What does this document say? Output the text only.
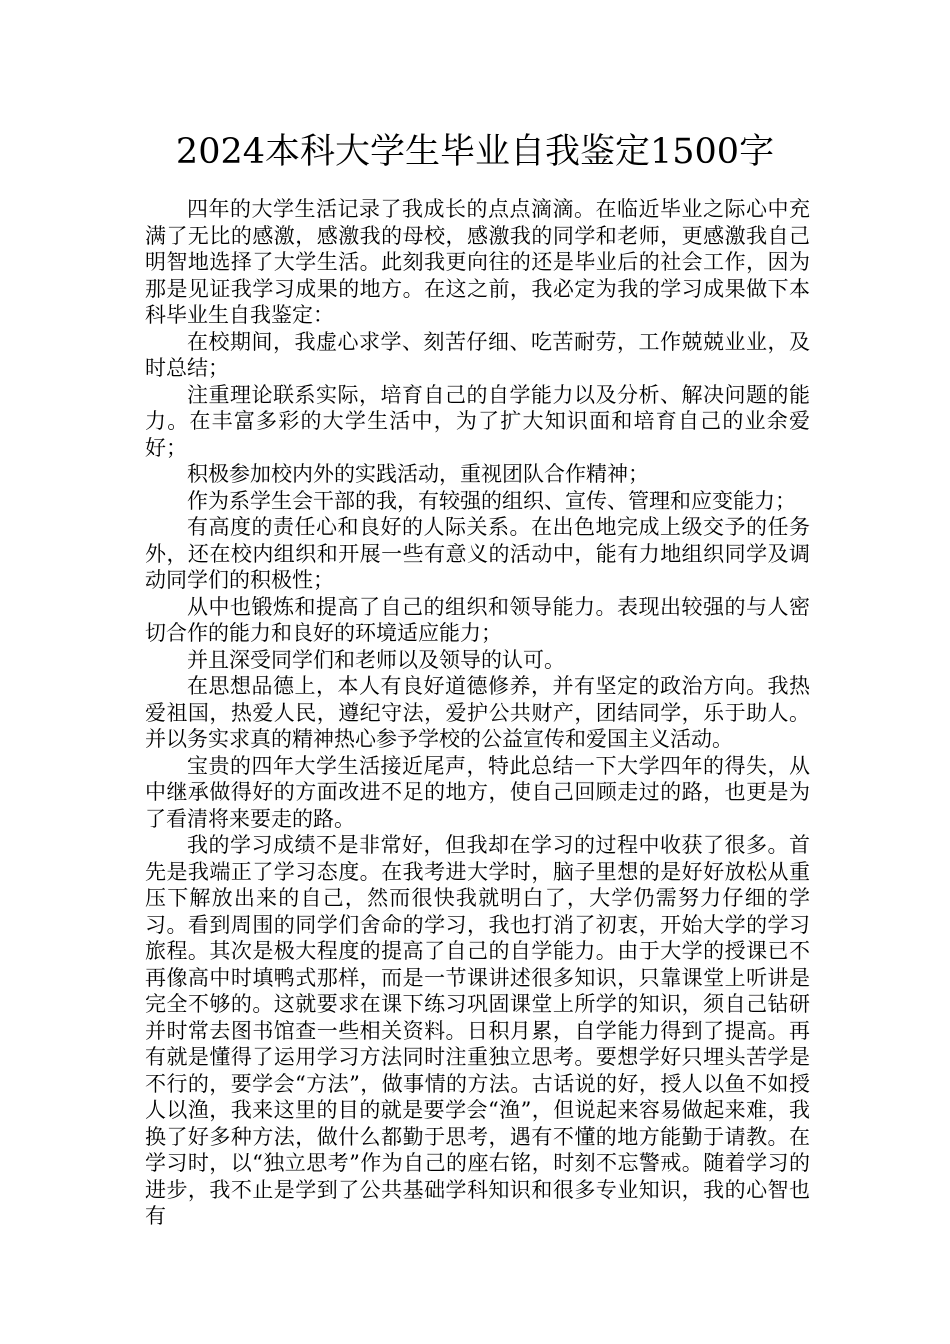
2024本科大学生毕业自我鉴定1500字

四年的大学生活记录了我成长的点点滴滴。在临近毕业之际心中充满了无比的感激，感激我的母校，感激我的同学和老师，更感激我自己明智地选择了大学生活。此刻我更向往的还是毕业后的社会工作，因为那是见证我学习成果的地方。在这之前，我必定为我的学习成果做下本科毕业生自我鉴定：

在校期间，我虚心求学、刻苦仔细、吃苦耐劳，工作兢兢业业，及时总结；

注重理论联系实际，培育自己的自学能力以及分析、解决问题的能力。在丰富多彩的大学生活中，为了扩大知识面和培育自己的业余爱好；

积极参加校内外的实践活动，重视团队合作精神；

作为系学生会干部的我，有较强的组织、宣传、管理和应变能力；

有高度的责任心和良好的人际关系。在出色地完成上级交予的任务外，还在校内组织和开展一些有意义的活动中，能有力地组织同学及调动同学们的积极性；

从中也锻炼和提高了自己的组织和领导能力。表现出较强的与人密切合作的能力和良好的环境适应能力；

并且深受同学们和老师以及领导的认可。

在思想品德上，本人有良好道德修养，并有坚定的政治方向。我热爱祖国，热爱人民，遵纪守法，爱护公共财产，团结同学，乐于助人。并以务实求真的精神热心参予学校的公益宣传和爱国主义活动。

宝贵的四年大学生活接近尾声，特此总结一下大学四年的得失，从中继承做得好的方面改进不足的地方，使自己回顾走过的路，也更是为了看清将来要走的路。

我的学习成绩不是非常好，但我却在学习的过程中收获了很多。首先是我端正了学习态度。在我考进大学时，脑子里想的是好好放松从重压下解放出来的自己，然而很快我就明白了，大学仍需努力仔细的学习。看到周围的同学们舍命的学习，我也打消了初衷，开始大学的学习旅程。其次是极大程度的提高了自己的自学能力。由于大学的授课已不再像高中时填鸭式那样，而是一节课讲述很多知识，只靠课堂上听讲是完全不够的。这就要求在课下练习巩固课堂上所学的知识，须自己钻研并时常去图书馆查一些相关资料。日积月累，自学能力得到了提高。再有就是懂得了运用学习方法同时注重独立思考。要想学好只埋头苦学是不行的，要学会“方法”，做事情的方法。古话说的好，授人以鱼不如授人以渔，我来这里的目的就是要学会“渔”，但说起来容易做起来难，我换了好多种方法，做什么都勤于思考，遇有不懂的地方能勤于请教。在学习时，以“独立思考”作为自己的座右铭，时刻不忘警戒。随着学习的进步，我不止是学到了公共基础学科知识和很多专业知识，我的心智也有
